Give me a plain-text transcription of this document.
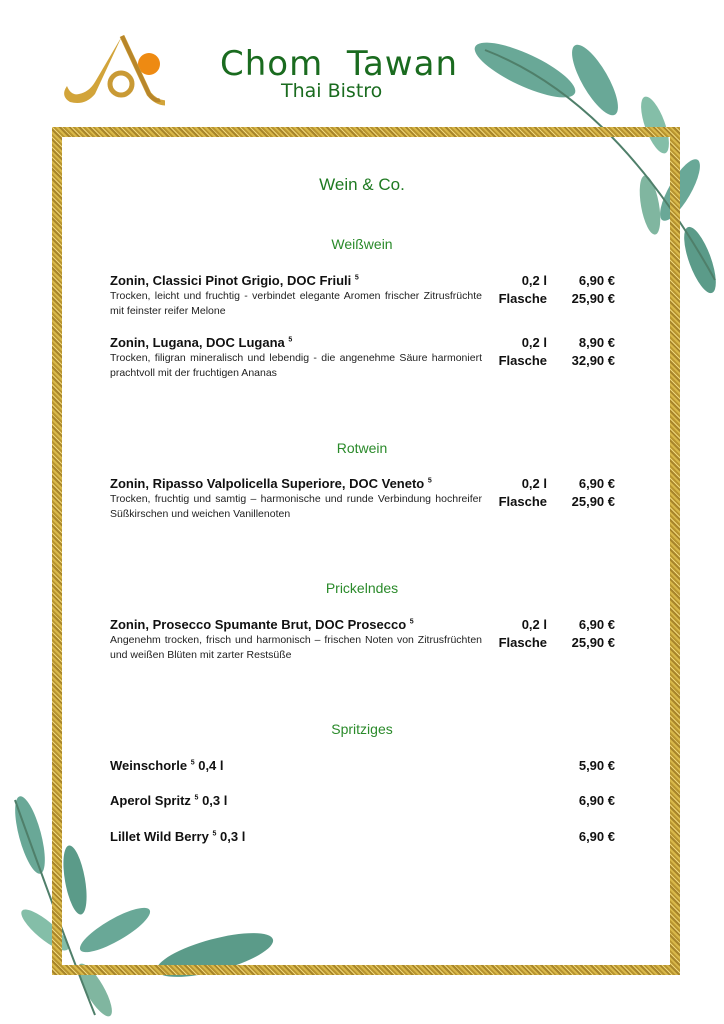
Chom  Tawan
Thai Bistro
Wein & Co.
Weißwein
Zonin, Classici Pinot Grigio, DOC Friuli $^5$
Trocken, leicht und fruchtig - verbindet elegante Aromen frischer Zitrusfrüchte mit feinster reifer Melone
0,2 l 6,90 €
Flasche 25,90 €
Zonin, Lugana, DOC Lugana $^5$
Trocken, filigran mineralisch und lebendig - die angenehme Säure harmoniert prachtvoll mit der fruchtigen Ananas
0,2 l 8,90 €
Flasche 32,90 €
Rotwein
Zonin, Ripasso Valpolicella Superiore, DOC Veneto $^5$
Trocken, fruchtig und samtig – harmonische und runde Verbindung hochreifer Süßkirschen und weichen Vanillenoten
0,2 l 6,90 €
Flasche 25,90 €
Prickelndes
Zonin, Prosecco Spumante Brut, DOC Prosecco $^5$
Angenehm trocken, frisch und harmonisch – frischen Noten von Zitrusfrüchten und weißen Blüten mit zarter Restsüße
0,2 l 6,90 €
Flasche 25,90 €
Spritziges
Weinschorle $^5$ 0,4 l	5,90 €
Aperol Spritz $^5$ 0,3 l	6,90 €
Lillet Wild Berry $^5$ 0,3 l	6,90 €
